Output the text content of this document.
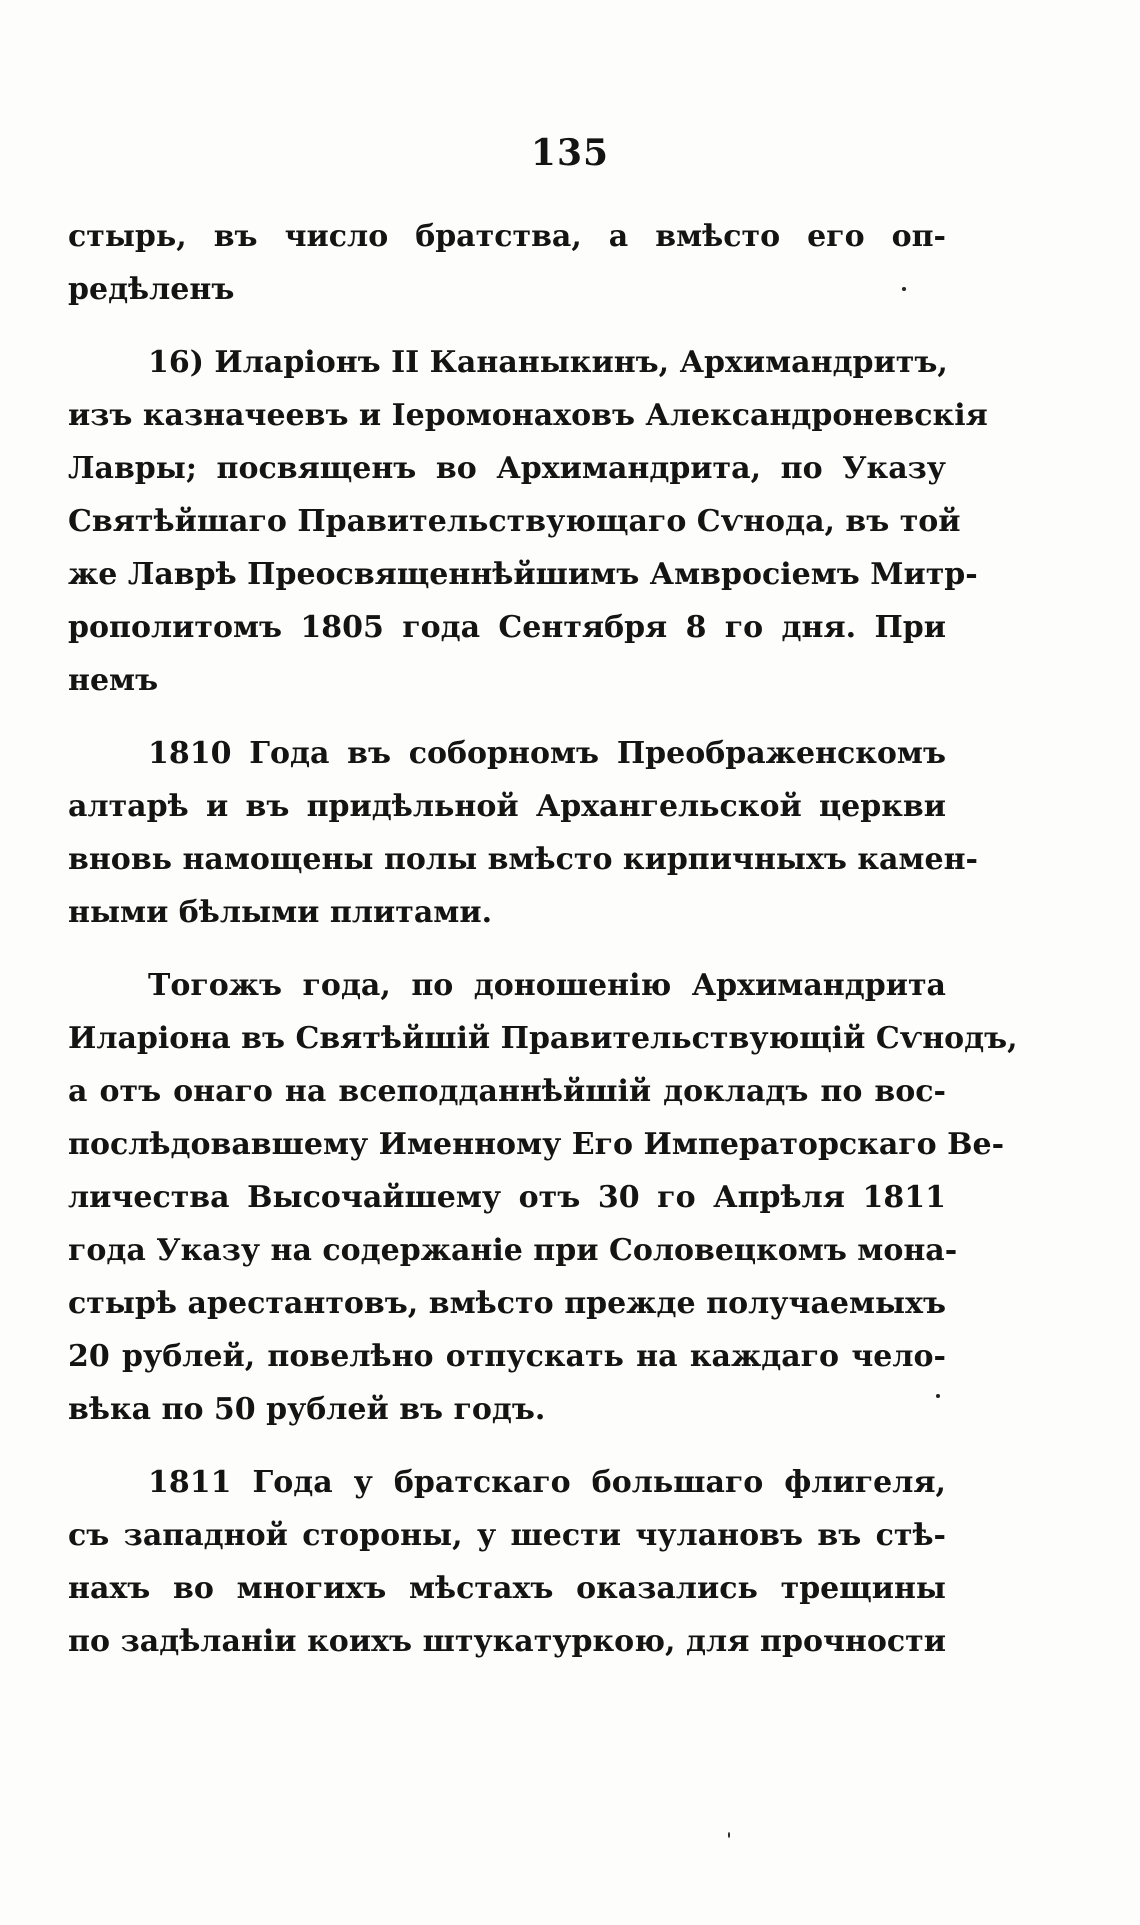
135

стырь, въ число братства, а вмѣсто его оп-
редѣленъ

16) Иларіонъ II Кананыкинъ, Архимандритъ,
изъ казначеевъ и Іеромонаховъ Александроневскія
Лавры; посвященъ во Архимандрита, по Указу
Святѣйшаго Правительствующаго Сѵнода, въ той
же Лаврѣ Преосвященнѣйшимъ Амвросіемъ Митр-
рополитомъ 1805 года Сентября 8 го дня. При
немъ

1810 Года въ соборномъ Преображенскомъ
алтарѣ и въ придѣльной Архангельской церкви
вновь намощены полы вмѣсто кирпичныхъ камен-
ными бѣлыми плитами.

Тогожъ года, по доношенію Архимандрита
Иларіона въ Святѣйшій Правительствующій Сѵнодъ,
а отъ онаго на всеподданнѣйшій докладъ по вос-
послѣдовавшему Именному Его Императорскаго Ве-
личества Высочайшему отъ 30 го Апрѣля 1811
года Указу на содержаніе при Соловецкомъ мона-
стырѣ арестантовъ, вмѣсто прежде получаемыхъ
20 рублей, повелѣно отпускать на каждаго чело-
вѣка по 50 рублей въ годъ.

1811 Года у братскаго большаго флигеля,
съ западной стороны, у шести чулановъ въ стѣ-
нахъ во многихъ мѣстахъ оказались трещины
по задѣланіи коихъ штукатуркою, для прочности
